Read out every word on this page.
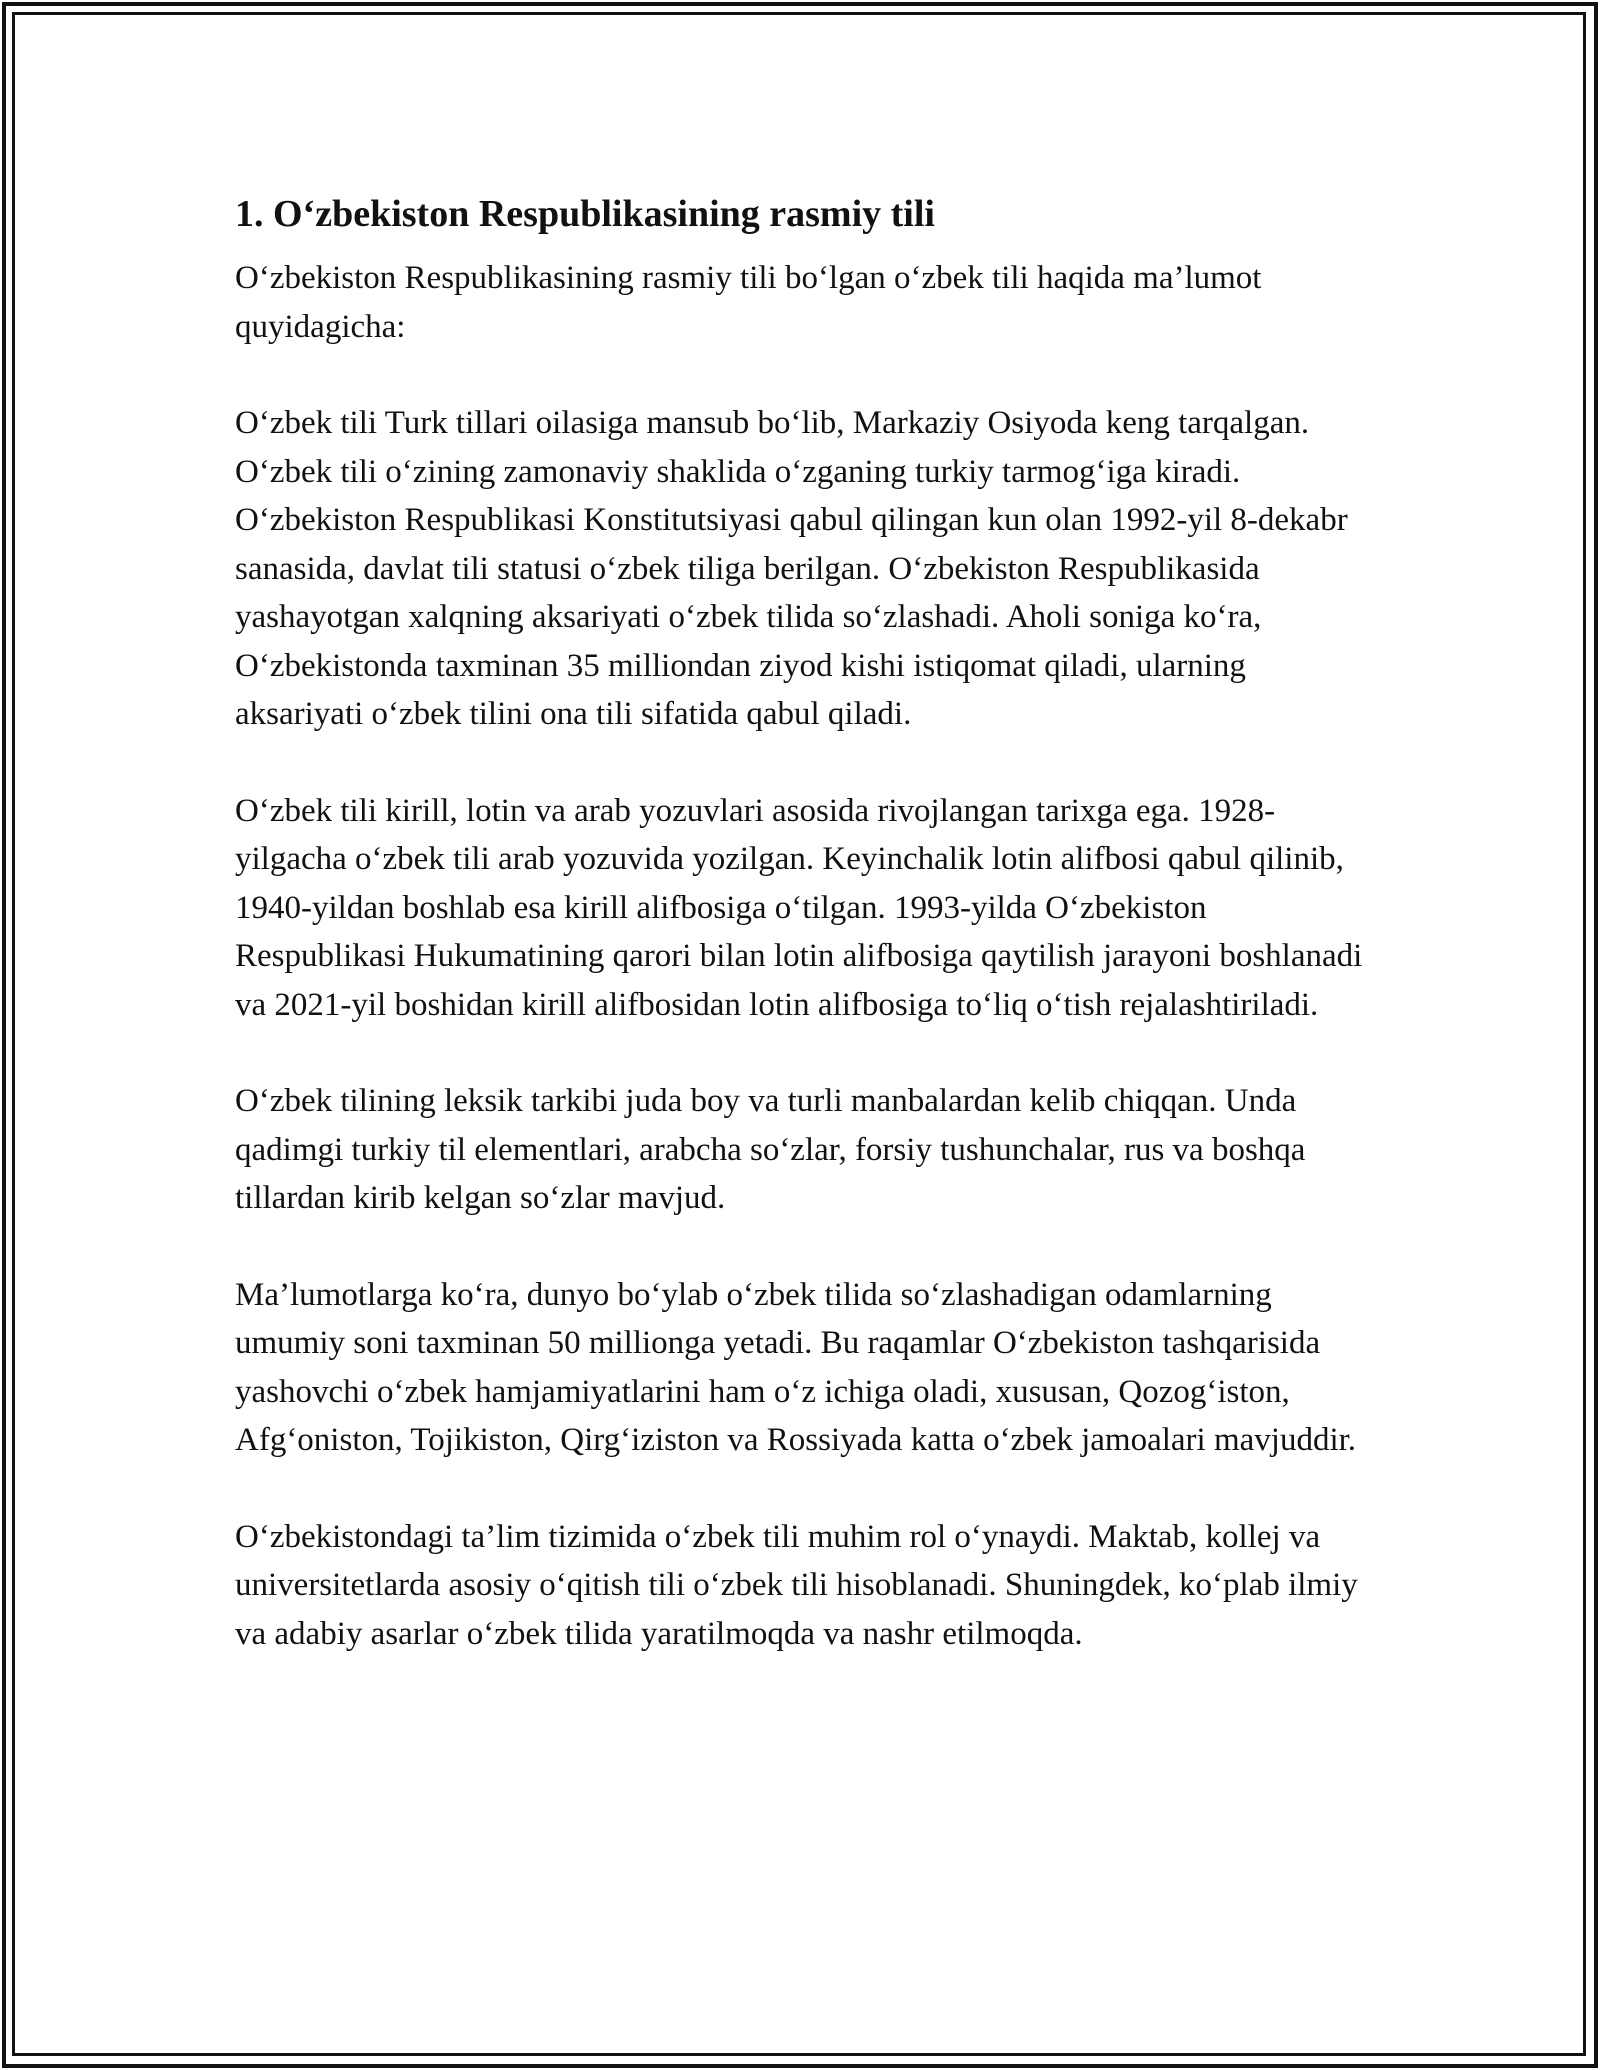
1. O‘zbekiston Respublikasining rasmiy tili

O‘zbekiston Respublikasining rasmiy tili bo‘lgan o‘zbek tili haqida ma’lumot quyidagicha:

O‘zbek tili Turk tillari oilasiga mansub bo‘lib, Markaziy Osiyoda keng tarqalgan. O‘zbek tili o‘zining zamonaviy shaklida o‘zganing turkiy tarmog‘iga kiradi. O‘zbekiston Respublikasi Konstitutsiyasi qabul qilingan kun olan 1992-yil 8-dekabr sanasida, davlat tili statusi o‘zbek tiliga berilgan. O‘zbekiston Respublikasida yashayotgan xalqning aksariyati o‘zbek tilida so‘zlashadi. Aholi soniga ko‘ra, O‘zbekistonda taxminan 35 milliondan ziyod kishi istiqomat qiladi, ularning aksariyati o‘zbek tilini ona tili sifatida qabul qiladi.

O‘zbek tili kirill, lotin va arab yozuvlari asosida rivojlangan tarixga ega. 1928-yilgacha o‘zbek tili arab yozuvida yozilgan. Keyinchalik lotin alifbosi qabul qilinib, 1940-yildan boshlab esa kirill alifbosiga o‘tilgan. 1993-yilda O‘zbekiston Respublikasi Hukumatining qarori bilan lotin alifbosiga qaytilish jarayoni boshlanadi va 2021-yil boshidan kirill alifbosidan lotin alifbosiga to‘liq o‘tish rejalashtiriladi.

O‘zbek tilining leksik tarkibi juda boy va turli manbalardan kelib chiqqan. Unda qadimgi turkiy til elementlari, arabcha so‘zlar, forsiy tushunchalar, rus va boshqa tillardan kirib kelgan so‘zlar mavjud.

Ma’lumotlarga ko‘ra, dunyo bo‘ylab o‘zbek tilida so‘zlashadigan odamlarning umumiy soni taxminan 50 millionga yetadi. Bu raqamlar O‘zbekiston tashqarisida yashovchi o‘zbek hamjamiyatlarini ham o‘z ichiga oladi, xususan, Qozog‘iston, Afg‘oniston, Tojikiston, Qirg‘iziston va Rossiyada katta o‘zbek jamoalari mavjuddir.

O‘zbekistondagi ta’lim tizimida o‘zbek tili muhim rol o‘ynaydi. Maktab, kollej va universitetlarda asosiy o‘qitish tili o‘zbek tili hisoblanadi. Shuningdek, ko‘plab ilmiy va adabiy asarlar o‘zbek tilida yaratilmoqda va nashr etilmoqda.
